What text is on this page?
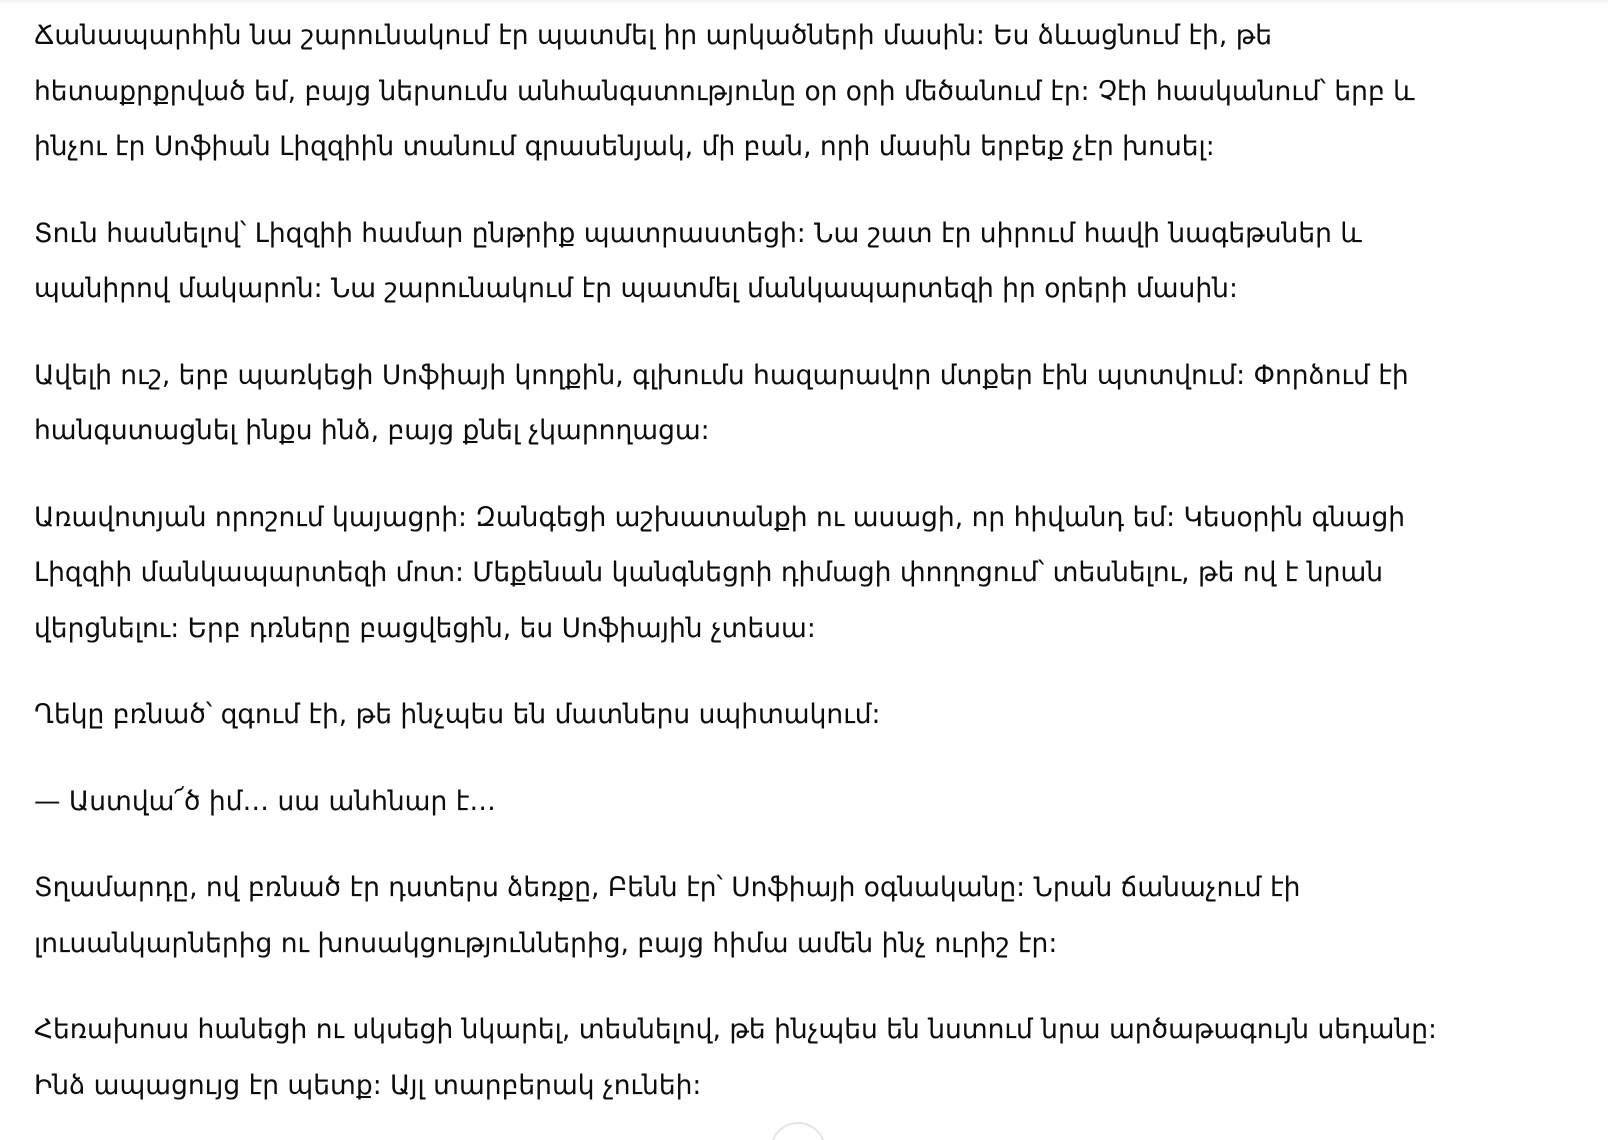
Ճանապարհին նա շարունակում էր պատմել իր արկածների մասին: Ես ձևացնում էի, թե
հետաքրքրված եմ, բայց ներսումս անհանգստությունը օր օրի մեծանում էր: Չէի հասկանում՝ երբ և
ինչու էր Սոֆիան Լիզզիին տանում գրասենյակ, մի բան, որի մասին երբեք չէր խոսել:

Տուն հասնելով՝ Լիզզիի համար ընթրիք պատրաստեցի: Նա շատ էր սիրում հավի նագեթսներ և
պանիրով մակարոն: Նա շարունակում էր պատմել մանկապարտեզի իր օրերի մասին:

Ավելի ուշ, երբ պառկեցի Սոֆիայի կողքին, գլխումս հազարավոր մտքեր էին պտտվում: Փորձում էի
հանգստացնել ինքս ինձ, բայց քնել չկարողացա:

Առավոտյան որոշում կայացրի: Զանգեցի աշխատանքի ու ասացի, որ հիվանդ եմ: Կեսօրին գնացի
Լիզզիի մանկապարտեզի մոտ: Մեքենան կանգնեցրի դիմացի փողոցում՝ տեսնելու, թե ով է նրան
վերցնելու: Երբ դռները բացվեցին, ես Սոֆիային չտեսա:

Ղեկը բռնած՝ զգում էի, թե ինչպես են մատներս սպիտակում:

— Աստվա՜ծ իմ… սա անհնար է…

Տղամարդը, ով բռնած էր դստերս ձեռքը, Բենն էր՝ Սոֆիայի օգնականը: Նրան ճանաչում էի
լուսանկարներից ու խոսակցություններից, բայց հիմա ամեն ինչ ուրիշ էր:

Հեռախոսս հանեցի ու սկսեցի նկարել, տեսնելով, թե ինչպես են նստում նրա արծաթագույն սեդանը:
Ինձ ապացույց էր պետք: Այլ տարբերակ չունեի:
